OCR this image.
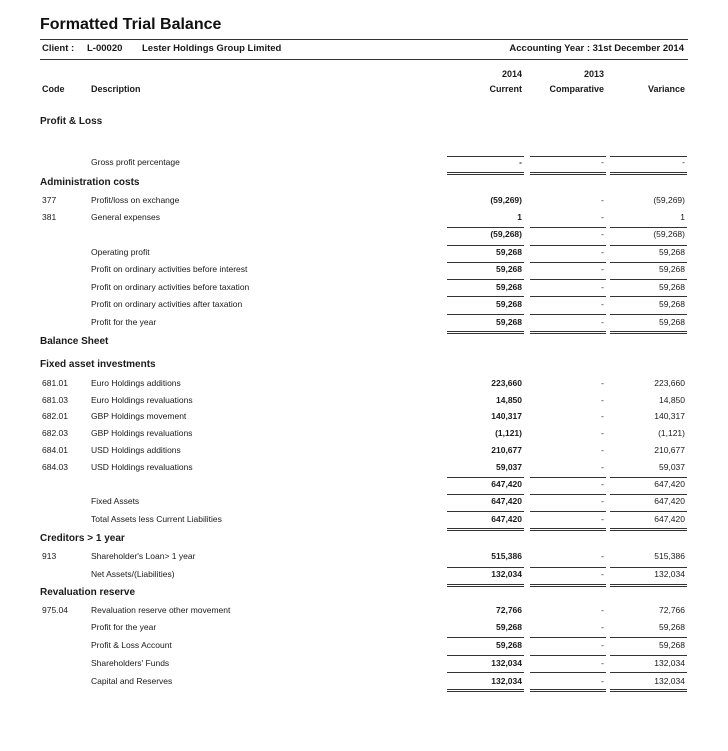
Formatted Trial Balance
Client : L-00020 Lester Holdings Group Limited	Accounting Year : 31st December 2014
2014	2013
Code	Description	Current	Comparative	Variance
Profit & Loss
Administration costs
Balance Sheet
Fixed asset investments
Creditors > 1 year
Revaluation reserve
Gross profit percentage	-	-	-
377	Profit/loss on exchange	(59,269)	-	(59,269)
381	General expenses	1	-	1
(59,268)	-	(59,268)
Operating profit	59,268	-	59,268
Profit on ordinary activities before interest	59,268	-	59,268
Profit on ordinary activities before taxation	59,268	-	59,268
Profit on ordinary activities after taxation	59,268	-	59,268
Profit for the year	59,268	-	59,268
681.01	Euro Holdings additions	223,660	-	223,660
681.03	Euro Holdings revaluations	14,850	-	14,850
682.01	GBP Holdings movement	140,317	-	140,317
682.03	GBP Holdings revaluations	(1,121)	-	(1,121)
684.01	USD Holdings additions	210,677	-	210,677
684.03	USD Holdings revaluations	59,037	-	59,037
647,420	-	647,420
Fixed Assets	647,420	-	647,420
Total Assets less Current Liabilities	647,420	-	647,420
913	Shareholder's Loan> 1 year	515,386	-	515,386
Net Assets/(Liabilities)	132,034	-	132,034
975.04	Revaluation reserve other movement	72,766	-	72,766
Profit for the year	59,268	-	59,268
Profit & Loss Account	59,268	-	59,268
Shareholders' Funds	132,034	-	132,034
Capital and Reserves	132,034	-	132,034
